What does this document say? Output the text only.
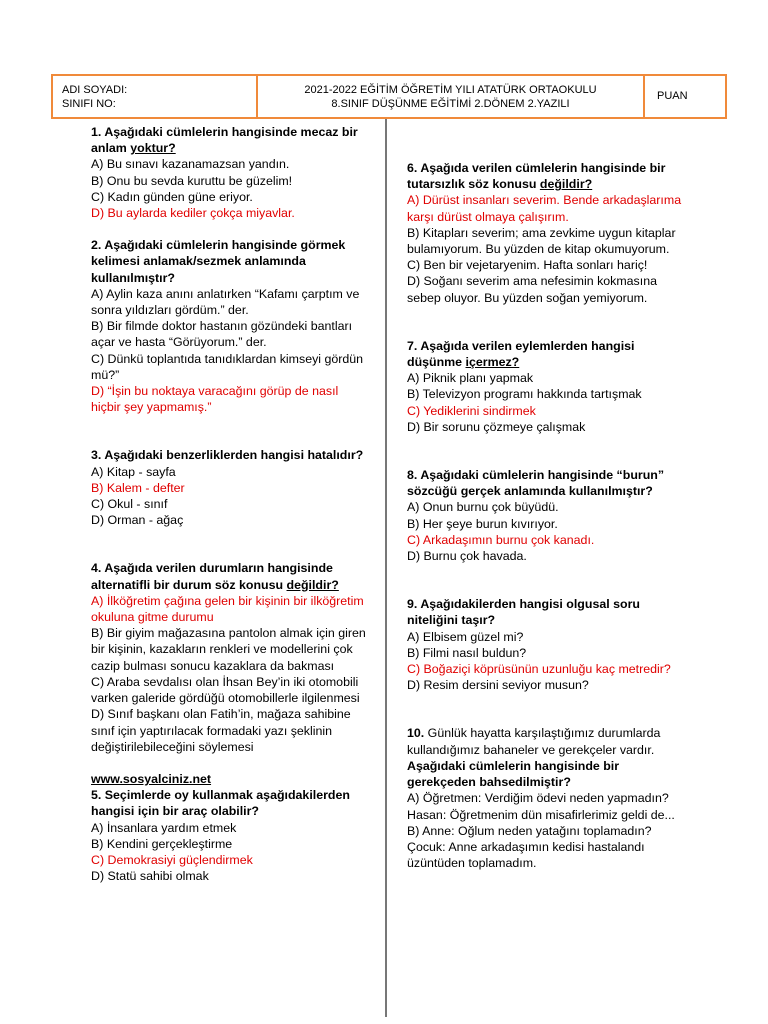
ADI SOYADI:
SINIFI NO:
2021-2022 EĞİTİM ÖĞRETİM YILI ATATÜRK ORTAOKULU
8.SINIF DÜŞÜNME EĞİTİMİ 2.DÖNEM 2.YAZILI
PUAN

1. Aşağıdaki cümlelerin hangisinde mecaz bir anlam yoktur?

A) Bu sınavı kazanamazsan yandın.

B) Onu bu sevda kuruttu be güzelim!

C) Kadın günden güne eriyor.

D) Bu aylarda kediler çokça miyavlar.

2. Aşağıdaki cümlelerin hangisinde görmek kelimesi anlamak/sezmek anlamında kullanılmıştır?

A) Aylin kaza anını anlatırken “Kafamı çarptım ve sonra yıldızları gördüm.” der.

B) Bir filmde doktor hastanın gözündeki bantları açar ve hasta “Görüyorum.” der.

C) Dünkü toplantıda tanıdıklardan kimseyi gördün mü?”

D) “İşin bu noktaya varacağını görüp de nasıl hiçbir şey yapmamış.”

3. Aşağıdaki benzerliklerden hangisi hatalıdır?

A) Kitap - sayfa

B) Kalem - defter

C) Okul - sınıf

D) Orman - ağaç

4. Aşağıda verilen durumların hangisinde alternatifli bir durum söz konusu değildir?

A) İlköğretim çağına gelen bir kişinin bir ilköğretim okuluna gitme durumu

B) Bir giyim mağazasına pantolon almak için giren bir kişinin, kazakların renkleri ve modellerini çok cazip bulması sonucu kazaklara da bakması

C) Araba sevdalısı olan İhsan Bey’in iki otomobili varken galeride gördüğü otomobillerle ilgilenmesi

D) Sınıf başkanı olan Fatih’in, mağaza sahibine sınıf için yaptırılacak formadaki yazı şeklinin değiştirilebileceğini söylemesi

www.sosyalciniz.net

5. Seçimlerde oy kullanmak aşağıdakilerden hangisi için bir araç olabilir?

A) İnsanlara yardım etmek

B) Kendini gerçekleştirme

C) Demokrasiyi güçlendirmek

D) Statü sahibi olmak

6. Aşağıda verilen cümlelerin hangisinde bir tutarsızlık söz konusu değildir?

A) Dürüst insanları severim. Bende arkadaşlarıma karşı dürüst olmaya çalışırım.

B) Kitapları severim; ama zevkime uygun kitaplar bulamıyorum. Bu yüzden de kitap okumuyorum.

C) Ben bir vejetaryenim. Hafta sonları hariç!

D) Soğanı severim ama nefesimin kokmasına sebep oluyor. Bu yüzden soğan yemiyorum.

7. Aşağıda verilen eylemlerden hangisi düşünme içermez?

A) Piknik planı yapmak

B) Televizyon programı hakkında tartışmak

C) Yediklerini sindirmek

D) Bir sorunu çözmeye çalışmak

8. Aşağıdaki cümlelerin hangisinde “burun” sözcüğü gerçek anlamında kullanılmıştır?

A) Onun burnu çok büyüdü.

B) Her şeye burun kıvırıyor.

C) Arkadaşımın burnu çok kanadı.

D) Burnu çok havada.

9. Aşağıdakilerden hangisi olgusal soru niteliğini taşır?

A) Elbisem güzel mi?

B) Filmi nasıl buldun?

C) Boğaziçi köprüsünün uzunluğu kaç metredir?

D) Resim dersini seviyor musun?

10. Günlük hayatta karşılaştığımız durumlarda kullandığımız bahaneler ve gerekçeler vardır.

Aşağıdaki cümlelerin hangisinde bir gerekçeden bahsedilmiştir?

A) Öğretmen: Verdiğim ödevi neden yapmadın?

Hasan: Öğretmenim dün misafirlerimiz geldi de...

B) Anne: Oğlum neden yatağını toplamadın?

Çocuk: Anne arkadaşımın kedisi hastalandı üzüntüden toplamadım.
